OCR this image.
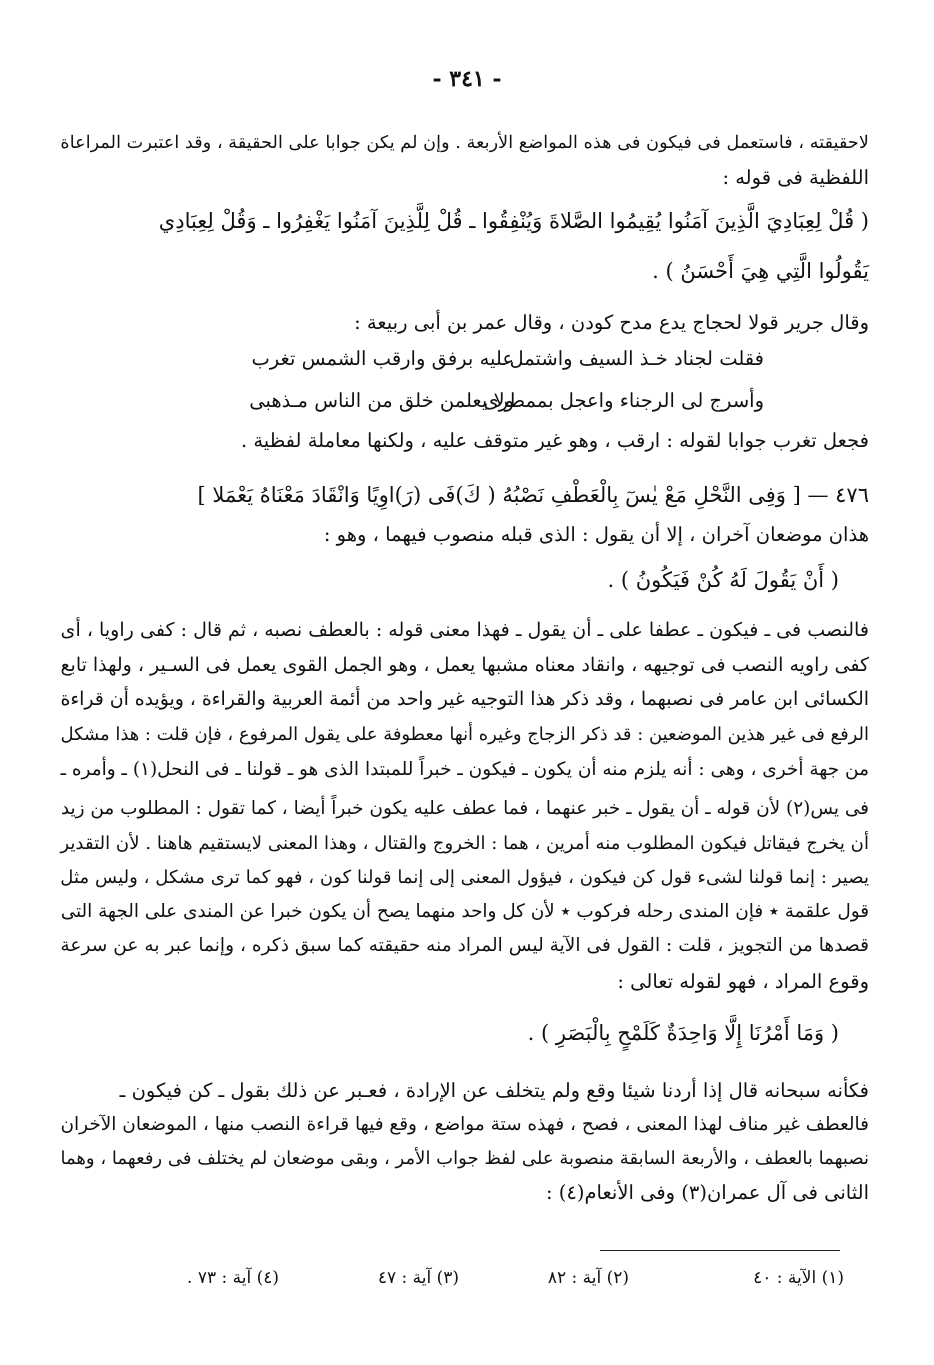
- ٣٤١ -
لاحقيقته ، فاستعمل فى فيكون فى هذه المواضع الأربعة . وإن لم يكن جوابا على الحقيقة ، وقد اعتبرت المراعاة
اللفظية فى قوله :
( قُلْ لِعِبَادِيَ الَّذِينَ آمَنُوا يُقِيمُوا الصَّلاةَ وَيُنْفِقُوا ـ قُلْ لِلَّذِينَ آمَنُوا يَغْفِرُوا ـ وَقُلْ لِعِبَادِي
يَقُولُوا الَّتِي هِيَ أَحْسَنُ ) .
وقال جرير قولا لحجاج يدع مدح كودن ، وقال عمر بن أبى ربيعة :
فقلت لجناد خـذ السيف واشتمل
عليه برفق وارقب الشمس تغرب
وأسرج لى الرجناء واعجل بممطرى
ولا يعلمن خلق من الناس مـذهبى
فجعل تغرب جوابا لقوله : ارقب ، وهو غير متوقف عليه ، ولكنها معاملة لفظية .
٤٧٦ — [ وَفِى النَّحْلِ مَعْ يٰسٓ بِالْعَطْفِ نَصْبُهُ ( كَ)فَى (رَ)اوِيًا وَانْقَادَ مَعْنَاهُ يَعْمَلا ]
هذان موضعان آخران ، إلا أن يقول : الذى قبله منصوب فيهما ، وهو :
( أَنْ يَقُولَ لَهُ كُنْ فَيَكُونُ ) .
فالنصب فى ـ فيكون ـ عطفا على ـ أن يقول ـ فهذا معنى قوله : بالعطف نصبه ، ثم قال : كفى راويا ، أى
كفى راويه النصب فى توجيهه ، وانقاد معناه مشبها يعمل ، وهو الجمل القوى يعمل فى السـير ، ولهذا تابع
الكسائى ابن عامر فى نصبهما ، وقد ذكر هذا التوجيه غير واحد من أئمة العربية والقراءة ، ويؤيده أن قراءة
الرفع فى غير هذين الموضعين : قد ذكر الزجاج وغيره أنها معطوفة على يقول المرفوع ، فإن قلت : هذا مشكل
من جهة أخرى ، وهى : أنه يلزم منه أن يكون ـ فيكون ـ خبراً للمبتدا الذى هو ـ قولنا ـ فى النحل(١) ـ وأمره ـ
فى يس(٢) لأن قوله ـ أن يقول ـ خبر عنهما ، فما عطف عليه يكون خبراً أيضا ، كما تقول : المطلوب من زيد
أن يخرج فيقاتل فيكون المطلوب منه أمرين ، هما : الخروج والقتال ، وهذا المعنى لايستقيم هاهنا . لأن التقدير
يصير : إنما قولنا لشىء قول كن فيكون ، فيؤول المعنى إلى إنما قولنا كون ، فهو كما ترى مشكل ، وليس مثل
قول علقمة ٭ فإن المندى رحله فركوب ٭ لأن كل واحد منهما يصح أن يكون خبرا عن المندى على الجهة التى
قصدها من التجويز ، قلت : القول فى الآية ليس المراد منه حقيقته كما سبق ذكره ، وإنما عبر به عن سرعة
وقوع المراد ، فهو لقوله تعالى :
( وَمَا أَمْرُنَا إِلَّا وَاحِدَةٌ كَلَمْحٍ بِالْبَصَرِ ) .
فكأنه سبحانه قال إذا أردنا شيئا وقع ولم يتخلف عن الإرادة ، فعـبر عن ذلك بقول ـ كن فيكون ـ
فالعطف غير مناف لهذا المعنى ، فصح ، فهذه ستة مواضع ، وقع فيها قراءة النصب منها ، الموضعان الآخران
نصبهما بالعطف ، والأربعة السابقة منصوبة على لفظ جواب الأمر ، وبقى موضعان لم يختلف فى رفعهما ، وهما
الثانى فى آل عمران(٣) وفى الأنعام(٤) :
(١) الآية : ٤٠
(٢) آية : ٨٢
(٣) آية : ٤٧
(٤) آية : ٧٣ .
